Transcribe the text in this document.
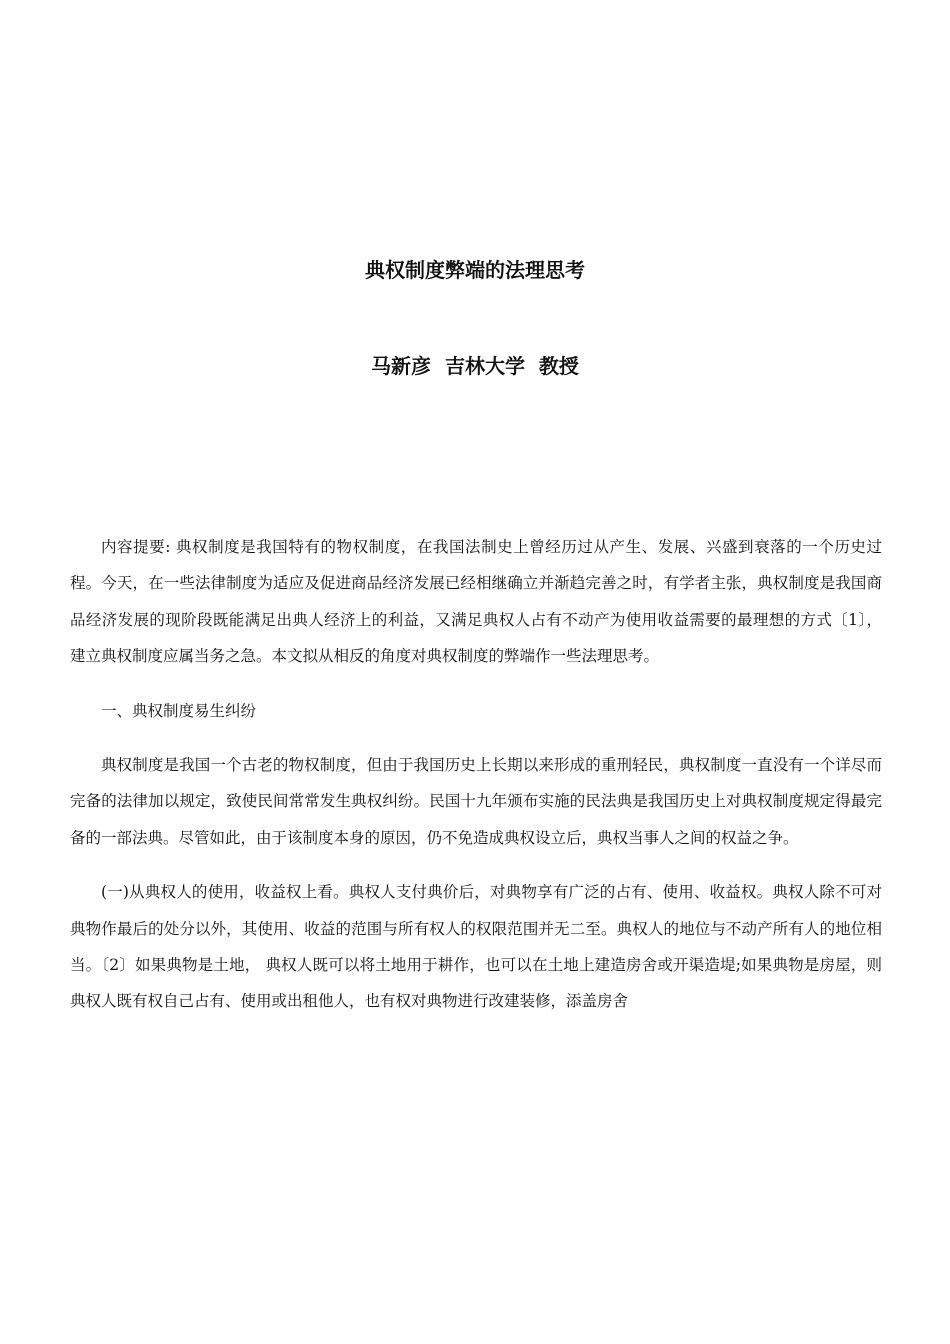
典权制度弊端的法理思考
马新彦  吉林大学  教授

内容提要: 典权制度是我国特有的物权制度，在我国法制史上曾经历过从产生、发展、兴盛到衰落的一个历史过程。今天，在一些法律制度为适应及促进商品经济发展已经相继确立并渐趋完善之时，有学者主张，典权制度是我国商品经济发展的现阶段既能满足出典人经济上的利益，又满足典权人占有不动产为使用收益需要的最理想的方式〔1〕， 建立典权制度应属当务之急。本文拟从相反的角度对典权制度的弊端作一些法理思考。

一、典权制度易生纠纷

典权制度是我国一个古老的物权制度，但由于我国历史上长期以来形成的重刑轻民，典权制度一直没有一个详尽而完备的法律加以规定，致使民间常常发生典权纠纷。民国十九年颁布实施的民法典是我国历史上对典权制度规定得最完备的一部法典。尽管如此，由于该制度本身的原因，仍不免造成典权设立后，典权当事人之间的权益之争。

(一)从典权人的使用，收益权上看。典权人支付典价后，对典物享有广泛的占有、使用、收益权。典权人除不可对典物作最后的处分以外，其使用、收益的范围与所有权人的权限范围并无二至。典权人的地位与不动产所有人的地位相当。〔2〕如果典物是土地， 典权人既可以将土地用于耕作，也可以在土地上建造房舍或开渠造堤;如果典物是房屋，则典权人既有权自己占有、使用或出租他人，也有权对典物进行改建装修，添盖房舍
